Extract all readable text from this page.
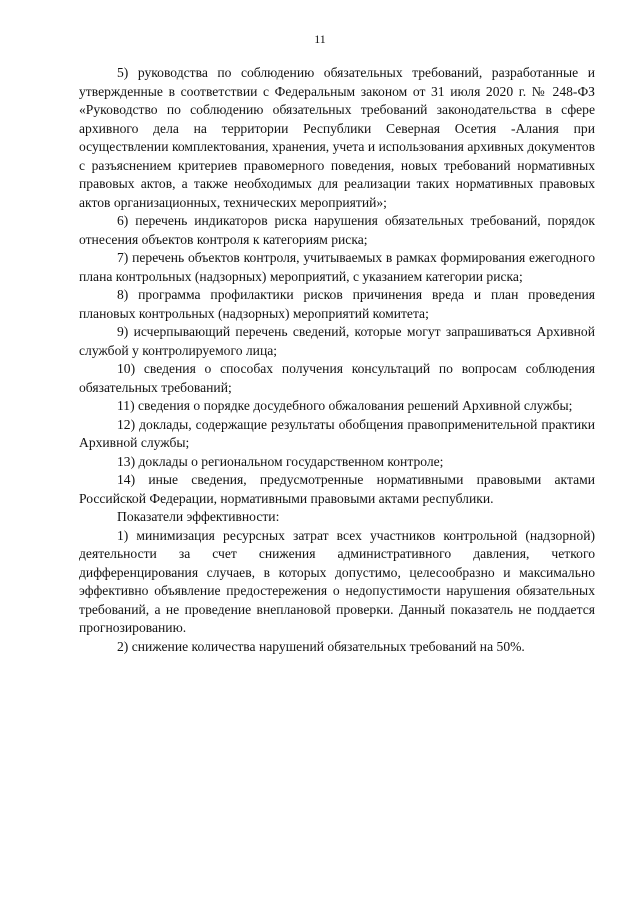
11

5) руководства по соблюдению обязательных требований, разработанные и утвержденные в соответствии с Федеральным законом от 31 июля 2020 г. № 248-ФЗ «Руководство по соблюдению обязательных требований законодательства в сфере архивного дела на территории Республики Северная Осетия -Алания при осуществлении комплектования, хранения, учета и использования архивных документов с разъяснением критериев правомерного поведения, новых требований нормативных правовых актов, а также необходимых для реализации таких нормативных правовых актов организационных, технических мероприятий»;

6) перечень индикаторов риска нарушения обязательных требований, порядок отнесения объектов контроля к категориям риска;

7) перечень объектов контроля, учитываемых в рамках формирования ежегодного плана контрольных (надзорных) мероприятий, с указанием категории риска;

8) программа профилактики рисков причинения вреда и план проведения плановых контрольных (надзорных) мероприятий комитета;

9) исчерпывающий перечень сведений, которые могут запрашиваться Архивной службой у контролируемого лица;

10) сведения о способах получения консультаций по вопросам соблюдения обязательных требований;

11) сведения о порядке досудебного обжалования решений Архивной службы;

12) доклады, содержащие результаты обобщения правоприменительной практики Архивной службы;

13) доклады о региональном государственном контроле;

14) иные сведения, предусмотренные нормативными правовыми актами Российской Федерации, нормативными правовыми актами республики.

Показатели эффективности:

1) минимизация ресурсных затрат всех участников контрольной (надзорной) деятельности за счет снижения административного давления, четкого дифференцирования случаев, в которых допустимо, целесообразно и максимально эффективно объявление предостережения о недопустимости нарушения обязательных требований, а не проведение внеплановой проверки. Данный показатель не поддается прогнозированию.

2) снижение количества нарушений обязательных требований на 50%.
